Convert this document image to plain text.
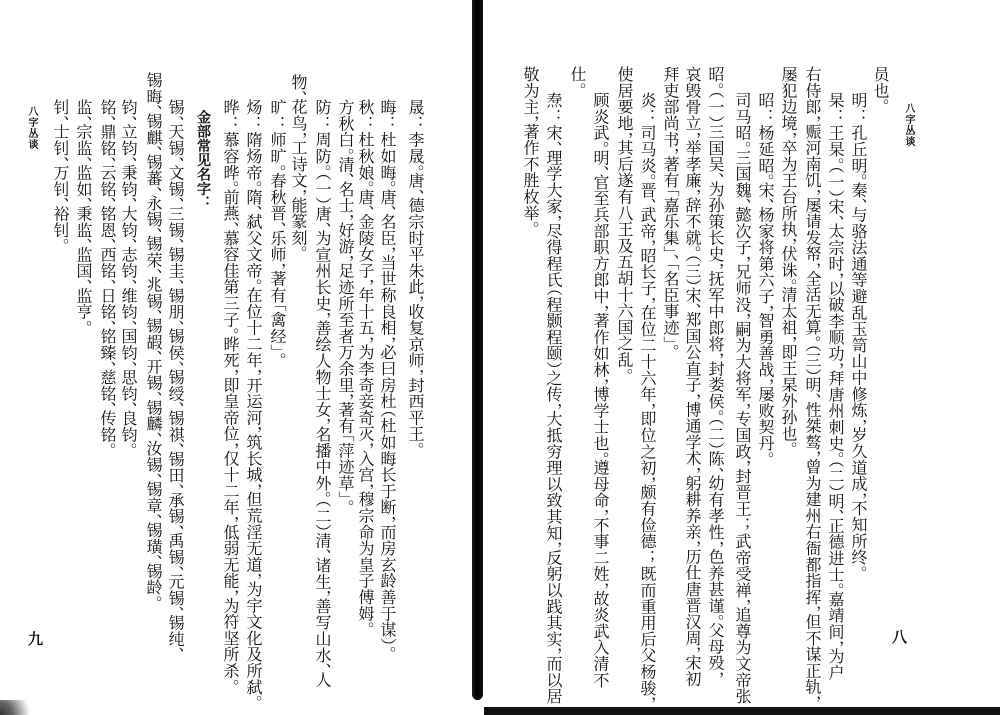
八字丛谈
八
员也。
明：孔丘明。秦、与骆法通等避乱玉笥山中修炼，岁久道成，不知所终。
杲：王杲。（一）宋、太宗时，以破李顺功，拜唐州刺史。（二）明、正德进士。嘉靖间，为户
右侍郎，赈河南饥，屡请发帑，全活无算。（三）明、性桀骜，曾为建州右衙都指挥，但不谋正轨，
屡犯边境，卒为王台所执，伏诛。清太祖，即王杲外孙也。
昭：杨延昭。宋、杨家将第六子，智勇善战，屡败契丹。
司马昭。三国魏、懿次子，兄师没，嗣为大将军，专国政，封晋王；武帝受禅，追尊为文帝张
昭。（一）三国吴、为孙策长史，抚军中郎将，封娄侯。（二）陈、幼有孝性，色养甚谨。父母殁，
哀毁骨立，举孝廉，辞不就。（三）宋、郑国公直子，博通学术，躬耕养亲，历仕唐晋汉周，宋初
拜吏部尚书，著有「嘉乐集」、「名臣事迹」。
炎：司马炎。晋、武帝，昭长子，在位二十六年，即位之初，颇有俭德；既而重用后父杨骏，
使居要地，其后遂有八王及五胡十六国之乱。
顾炎武。明、官至兵部职方郎中，著作如林，博学士也。遵母命，不事二姓，故炎武入清不
仕。
焘：宋、理学大家，尽得程氏（程颢程颐）之传，大抵穷理以致其知，反躬以践其实，而以居
敬为主，著作不胜枚举。
晟：李晟。唐、德宗时平朱此，收复京师，封西平王。
晦：杜如晦。唐、名臣，当世称良相，必曰房杜（杜如晦长于断，而房玄龄善于谋）。
秋：杜秋娘。唐、金陵女子，年十五，为李奇妾奇灭，入宫，穆宗命为皇子傅姆。
方秋白。清、名士，好游，足迹所至者万余里，著有「萍迹草」。
防：周防。（一）唐、为宣州长史，善绘人物士女，名播中外。（二）清、诸生，善写山水、人
物、花鸟，工诗文，能篆刻。
旷：师旷。春秋晋、乐师，著有「禽经」。
炀：隋炀帝。隋、弑父文帝。在位十二年，开运河，筑长城，但荒淫无道，为宇文化及所弑。
晔：慕容晔。前燕、慕容佳第三子。晔死，即皇帝位，仅十二年，低弱无能，为符坚所杀。
金部常见名字：
锡、天锡、文锡、三锡、锡圭、锡朋、锡侯、锡绶、锡祺、锡田、承锡、禹锡、元锡、锡纯、
锡晦、锡麒、锡蕃、永锡、锡荣、兆锡、锡嘏、开锡、锡麟、汝锡、锡章、锡璜、锡龄。
钧、立钧、秉钧、大钧、志钧、维钧、国钧、思钧、良钧。
铭、鼎铭、云铭、铭恩、西铭、日铭、铭臻、慈铭、传铭。
监、宗监、监如、秉监、监国、监亨。
钊、士钊、万钊、裕钊。
八字丛谈
九
